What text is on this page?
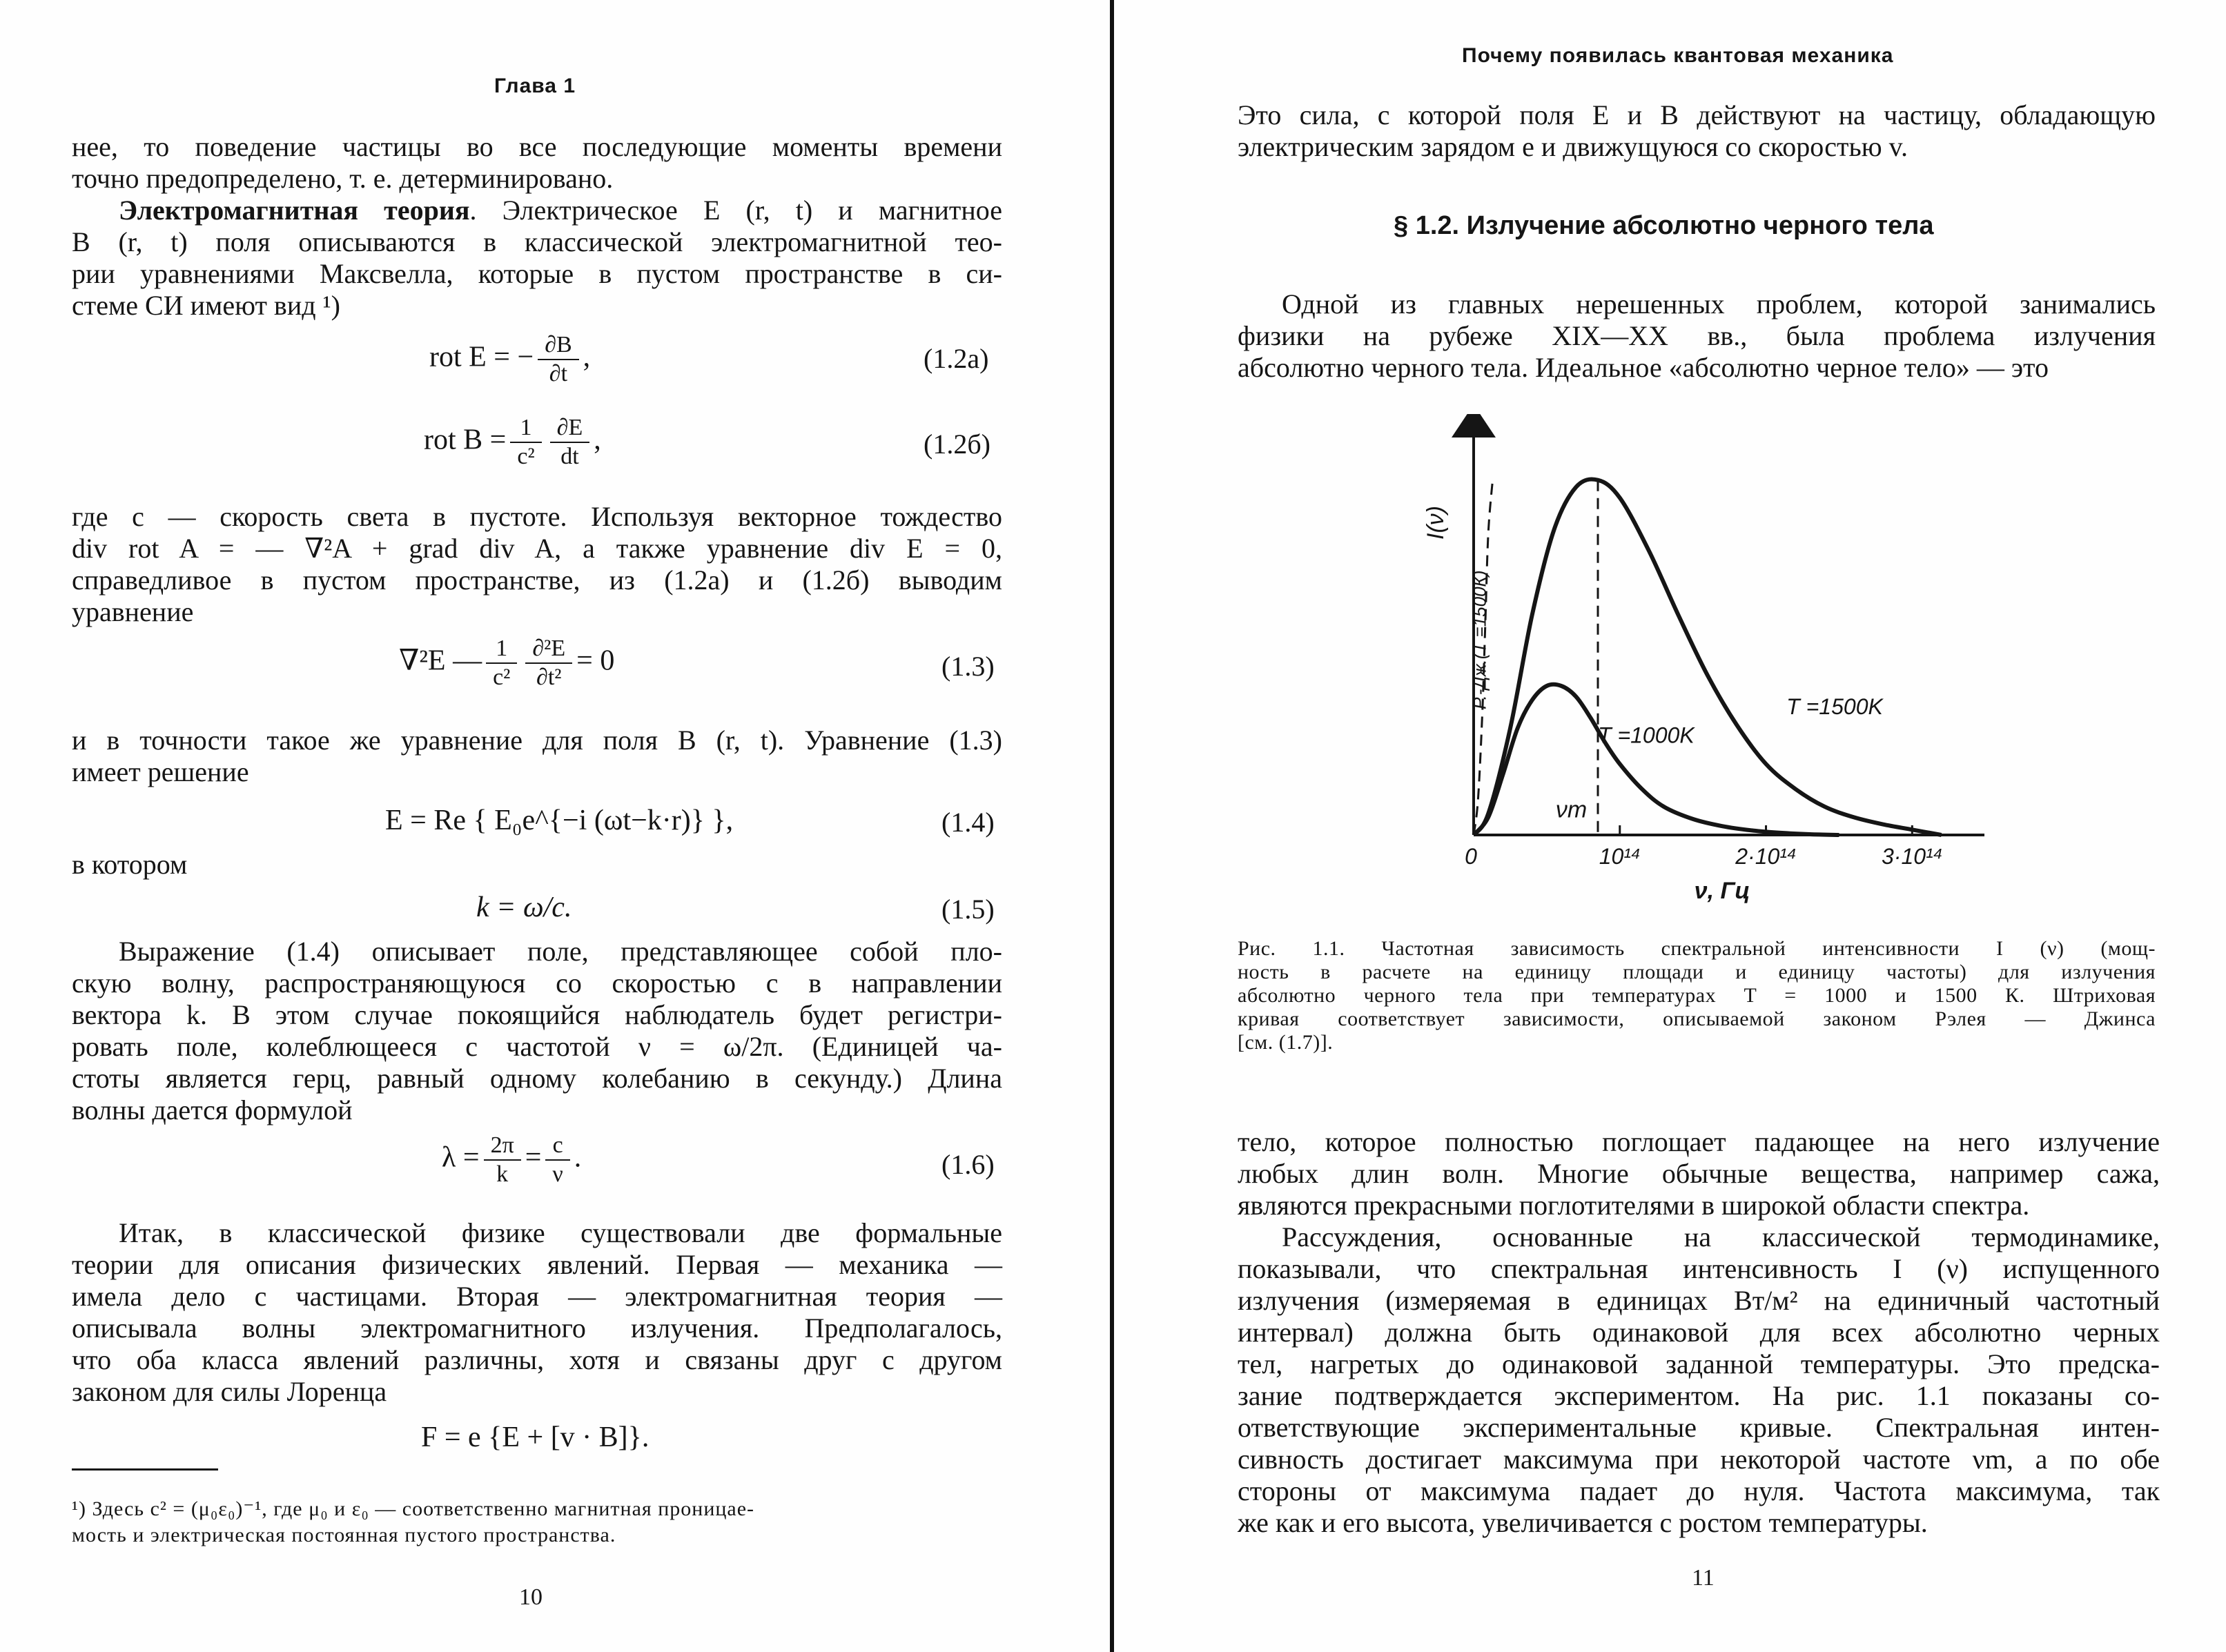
Глава 1
нее, то поведение частицы во все последующие моменты времени
точно предопределено, т. е. детерминировано.
Электромагнитная теория. Электрическое E (r, t) и магнитное
B (r, t) поля описываются в классической электромагнитной тео-
рии уравнениями Максвелла, которые в пустом пространстве в си-
стеме СИ имеют вид ¹)
rot E = − $\frac{\partial B}{\partial t}$ ,	(1.2a)
rot $B = \frac{1}{\text{c²}} \frac{\partial E}{dt}$ ,	(1.2б)
где c — скорость света в пустоте. Используя векторное тождество
div rot A = — ∇²A + grad div A, а также уравнение div E = 0,
справедливое в пустом пространстве, из (1.2a) и (1.2б) выводим
уравнение
∇²E — $\frac{1}{\text{c²}} \frac{\text{∂²E}}{\text{∂t²}} = 0$	(1.3)
и в точности такое же уравнение для поля B (r, t). Уравнение (1.3)
имеет решение
E = Re { E₀e^{−i (ωt−k·r)} },	(1.4)
в котором
k = ω/c.	(1.5)
Выражение (1.4) описывает поле, представляющее собой пло-
скую волну, распространяющуюся со скоростью c в направлении
вектора k. В этом случае покоящийся наблюдатель будет регистри-
ровать поле, колеблющееся с частотой ν = ω/2π. (Единицей ча-
стоты является герц, равный одному колебанию в секунду.) Длина
волны дается формулой
$\lambda = \frac{2\pi}{k} = \frac{c}{\nu}$ .	(1.6)
Итак, в классической физике существовали две формальные
теории для описания физических явлений. Первая — механика —
имела дело с частицами. Вторая — электромагнитная теория —
описывала волны электромагнитного излучения. Предполагалось,
что оба класса явлений различны, хотя и связаны друг с другом
законом для силы Лоренца
F = e {E + [v · B]}.
¹) Здесь c² = (μ₀ε₀)⁻¹, где μ₀ и ε₀ — соответственно магнитная проницае-
мость и электрическая постоянная пустого пространства.
10
Почему появилась квантовая механика
Это сила, с которой поля E и B действуют на частицу, обладающую
электрическим зарядом e и движущуюся со скоростью v.
§ 1.2. Излучение абсолютно черного тела
Одной из главных нерешенных проблем, которой занимались
физики на рубеже XIX—XX вв., была проблема излучения
абсолютно черного тела. Идеальное «абсолютно черное тело» — это
0	10¹⁴	2·10¹⁴	3·10¹⁴
ν, Гц
I(ν)
T =1500K
T =1000K
νm
Р.-Дж.(T =1500К)
Рис. 1.1. Частотная зависимость спектральной интенсивности I (ν) (мощ-
ность в расчете на единицу площади и единицу частоты) для излучения
абсолютно черного тела при температурах T = 1000 и 1500 К. Штриховая
кривая соответствует зависимости, описываемой законом Рэлея — Джинса
[см. (1.7)].
тело, которое полностью поглощает падающее на него излучение
любых длин волн. Многие обычные вещества, например сажа,
являются прекрасными поглотителями в широкой области спектра.
Рассуждения, основанные на классической термодинамике,
показывали, что спектральная интенсивность I (ν) испущенного
излучения (измеряемая в единицах Вт/м² на единичный частотный
интервал) должна быть одинаковой для всех абсолютно черных
тел, нагретых до одинаковой заданной температуры. Это предска-
зание подтверждается экспериментом. На рис. 1.1 показаны со-
ответствующие экспериментальные кривые. Спектральная интен-
сивность достигает максимума при некоторой частоте νm, а по обе
стороны от максимума падает до нуля. Частота максимума, так
же как и его высота, увеличивается с ростом температуры.
11
